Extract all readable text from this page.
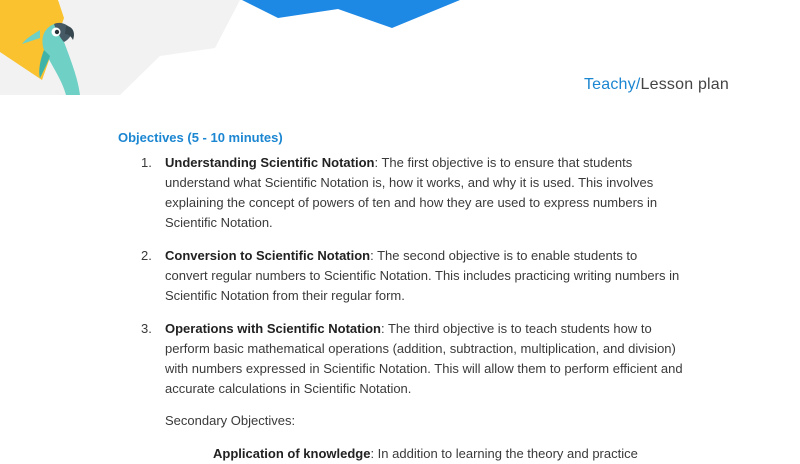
Teachy/Lesson plan
Objectives (5 - 10 minutes)
1. Understanding Scientific Notation: The first objective is to ensure that students understand what Scientific Notation is, how it works, and why it is used. This involves explaining the concept of powers of ten and how they are used to express numbers in Scientific Notation.
2. Conversion to Scientific Notation: The second objective is to enable students to convert regular numbers to Scientific Notation. This includes practicing writing numbers in Scientific Notation from their regular form.
3. Operations with Scientific Notation: The third objective is to teach students how to perform basic mathematical operations (addition, subtraction, multiplication, and division) with numbers expressed in Scientific Notation. This will allow them to perform efficient and accurate calculations in Scientific Notation.
Secondary Objectives:
Application of knowledge: In addition to learning the theory and practice
